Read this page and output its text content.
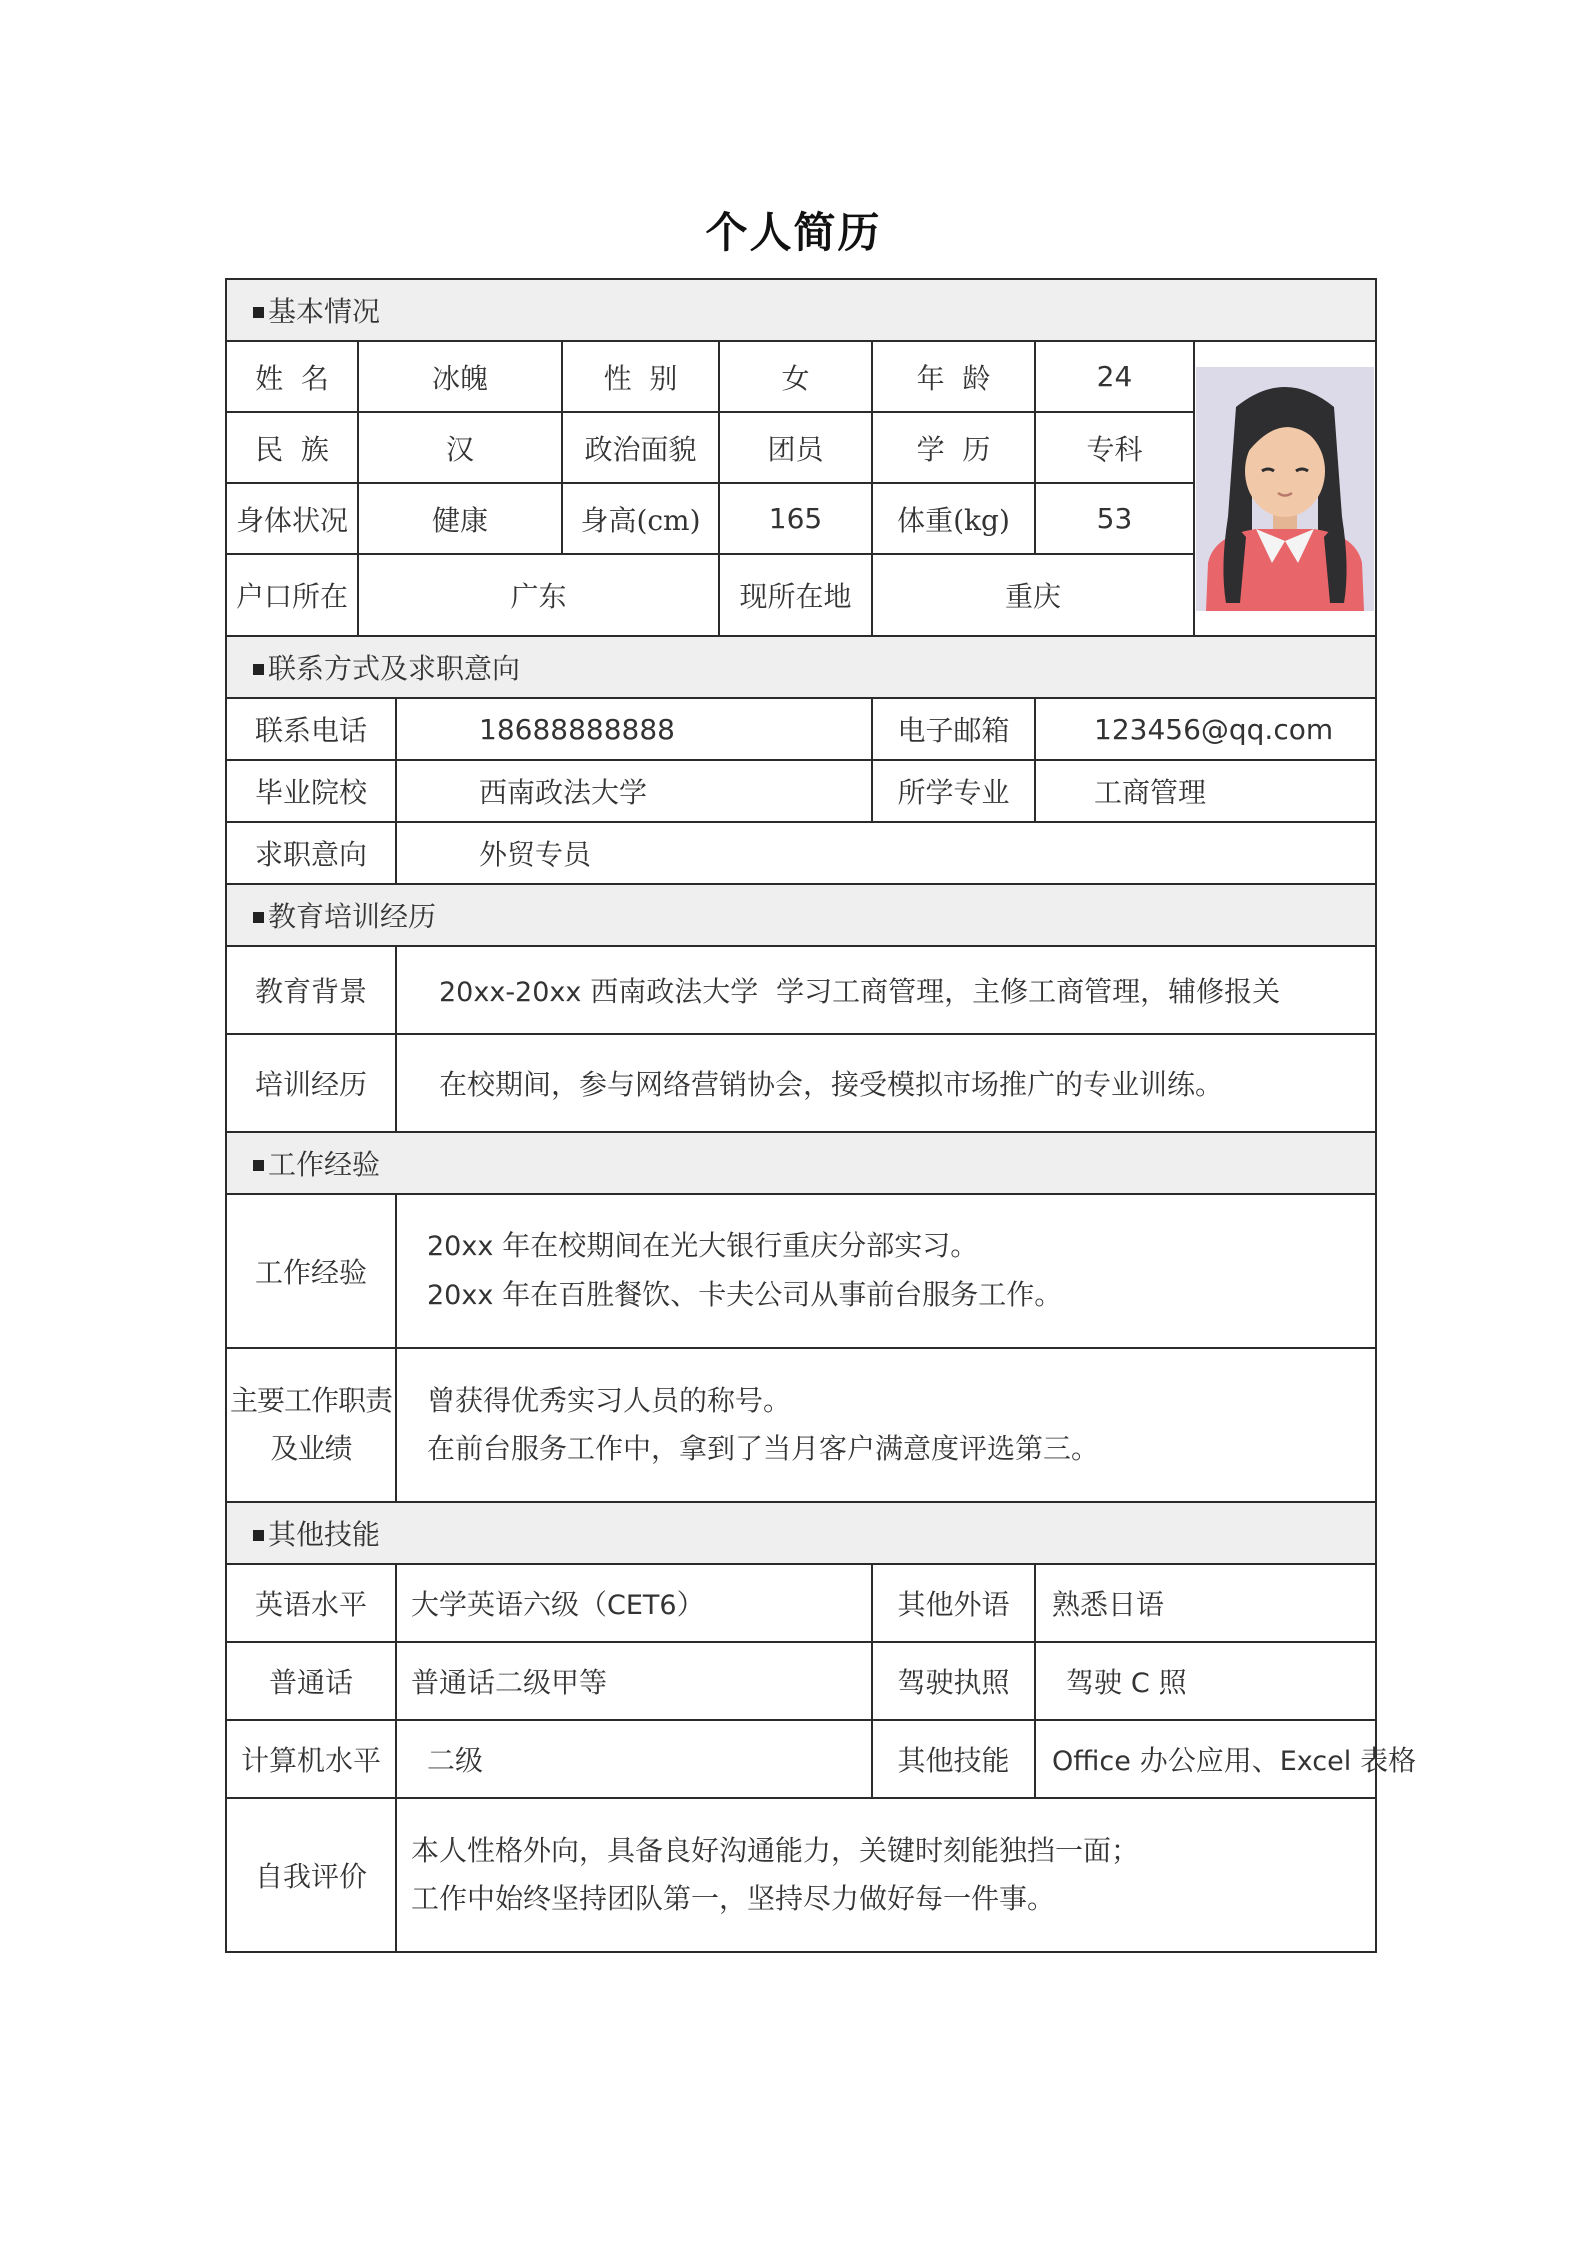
个人简历
基本情况							
姓  名	冰魄		性  别	女	年  龄	24	

民  族	汉		政治面貌	团员	学  历	专科	
身体状况	健康		身高(cm)	165	体重(kg)	53	
户口所在	广东			现所在地	重庆		
联系方式及求职意向							
联系电话		18688888888			电子邮箱	123456@qq.com	
毕业院校		西南政法大学			所学专业	工商管理	
求职意向		外贸专员					
教育培训经历							
教育背景		20xx-20xx 西南政法大学  学习工商管理，主修工商管理，辅修报关					
培训经历		在校期间，参与网络营销协会，接受模拟市场推广的专业训练。					
工作经验							
工作经验		20xx 年在校期间在光大银行重庆分部实习。
20xx 年在百胜餐饮、卡夫公司从事前台服务工作。					

主要工作职责
及业绩		曾获得优秀实习人员的称号。
在前台服务工作中，拿到了当月客户满意度评选第三。					

其他技能							
英语水平		大学英语六级（CET6）			其他外语	熟悉日语	
普通话		普通话二级甲等			驾驶执照	驾驶 C 照	
计算机水平		二级			其他技能	Office 办公应用、Excel 表格	
自我评价		本人性格外向，具备良好沟通能力，关键时刻能独挡一面；
工作中始终坚持团队第一，坚持尽力做好每一件事。					
